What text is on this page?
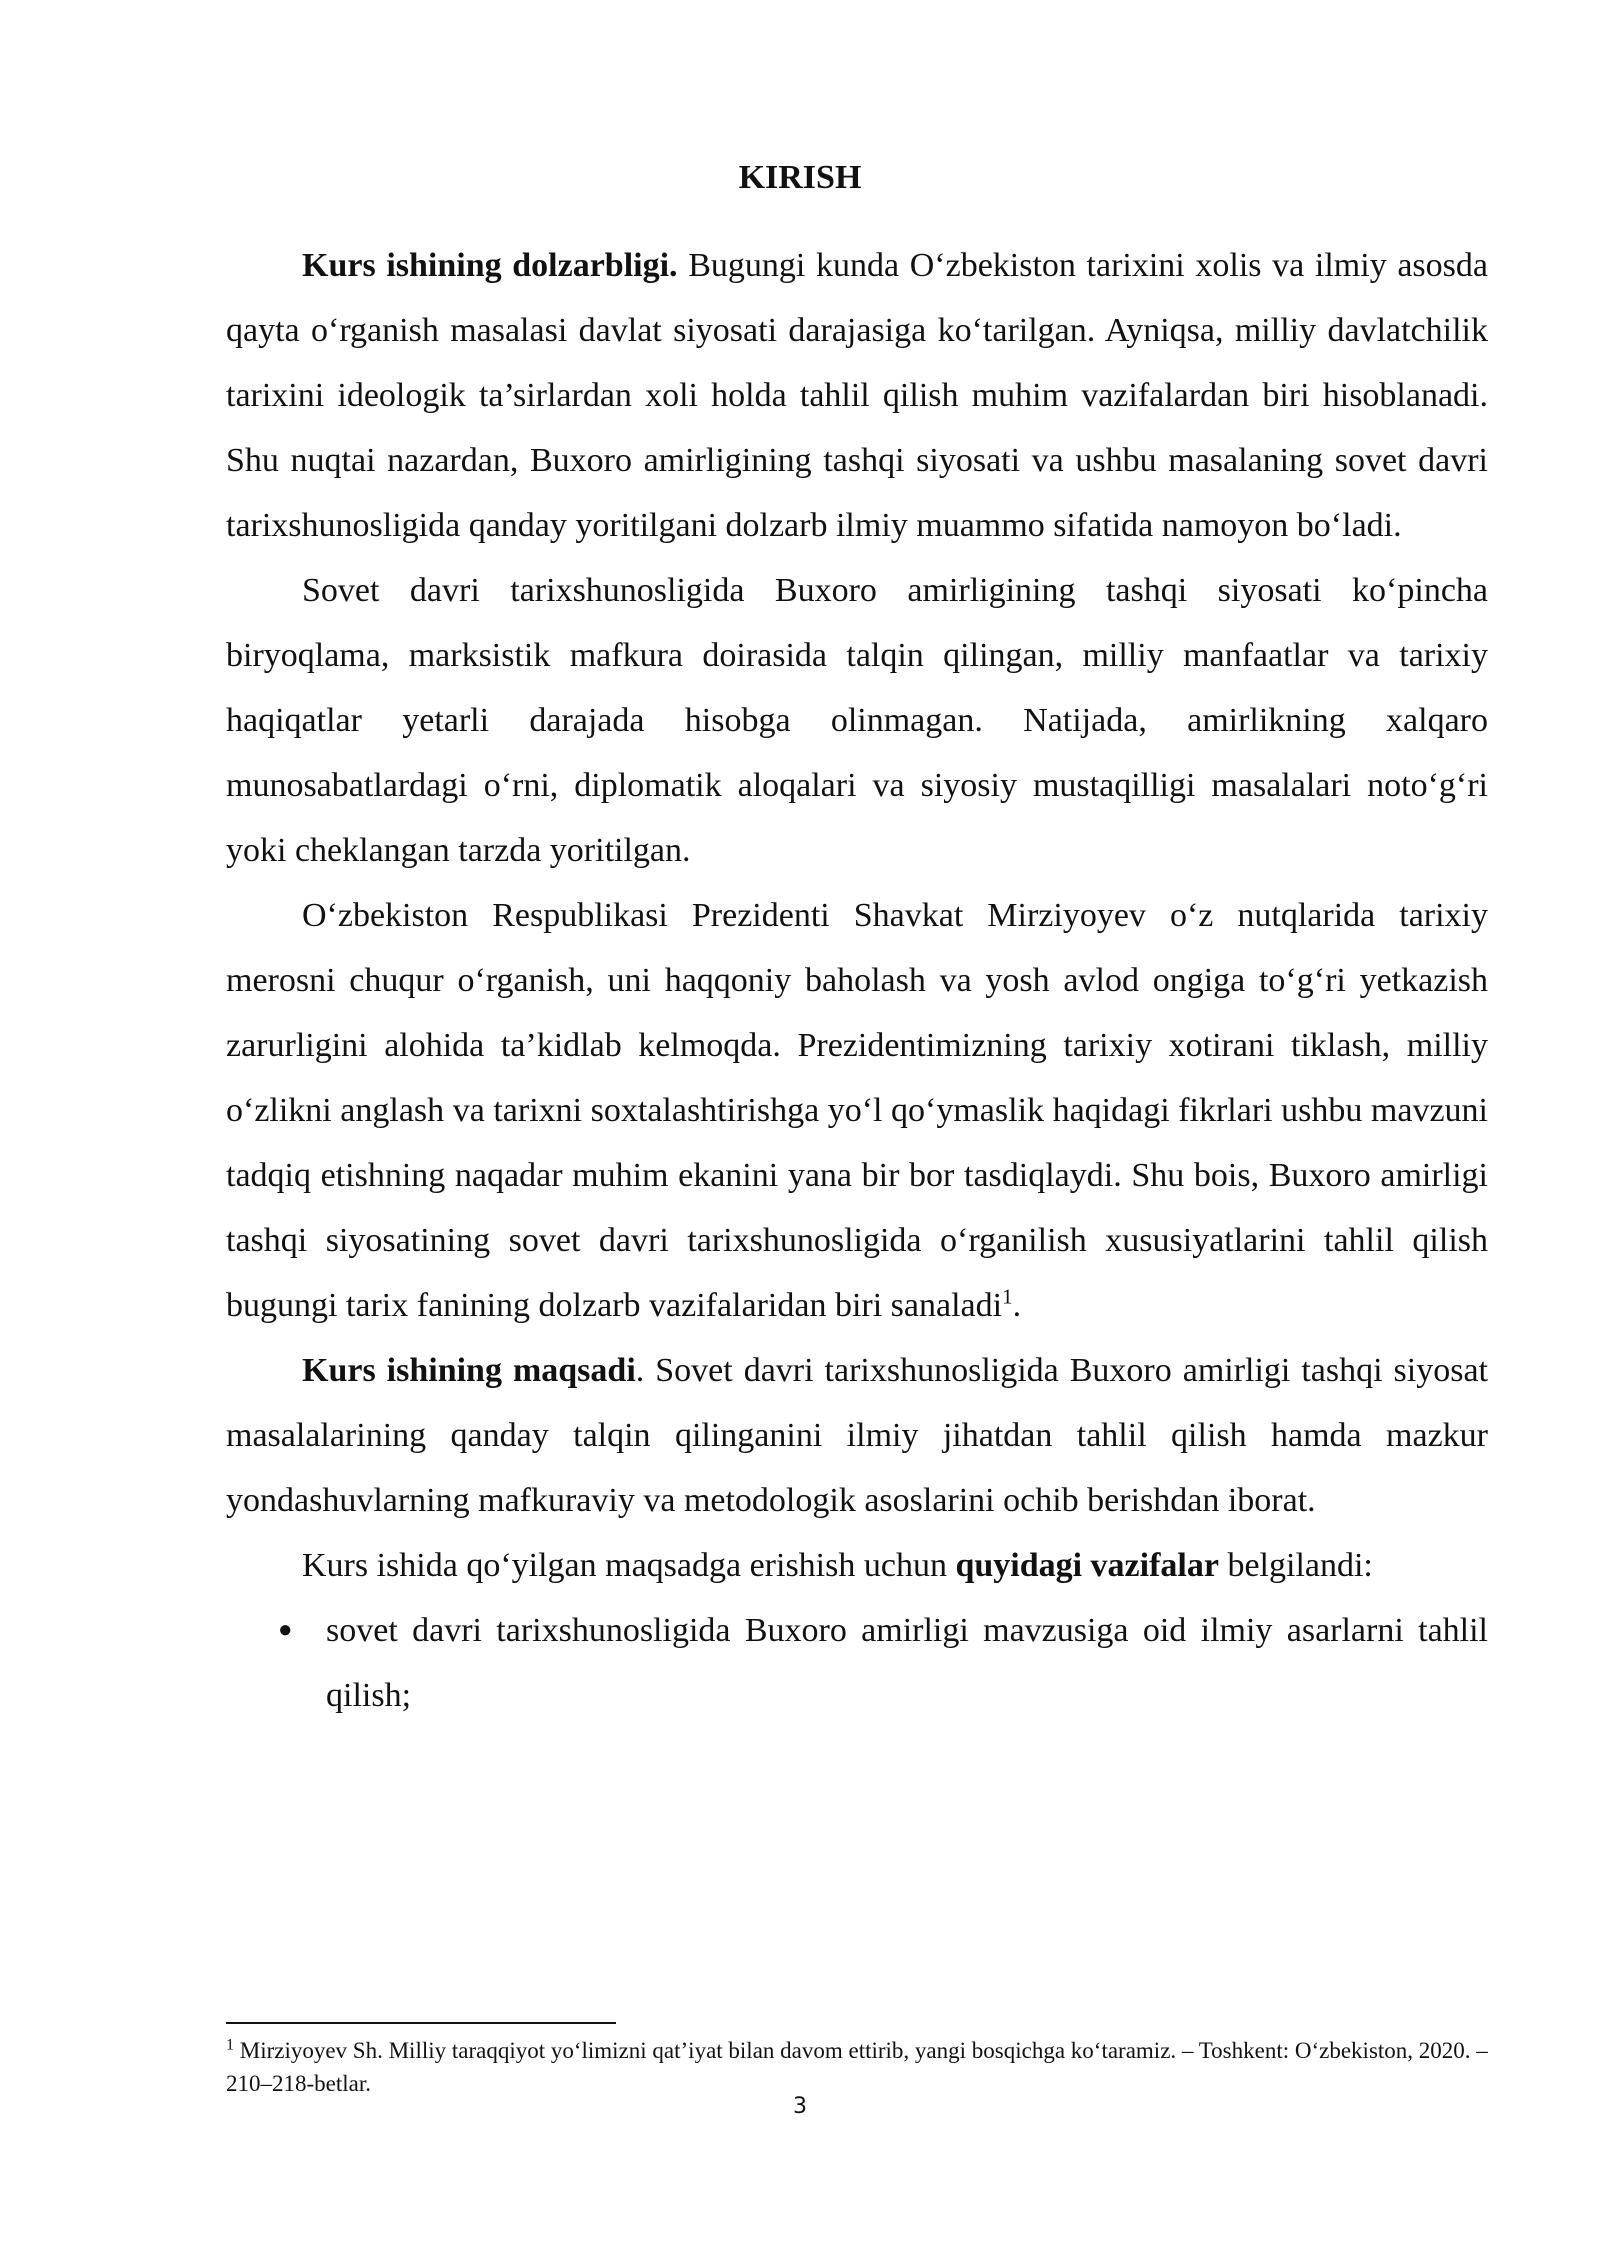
KIRISH

Kurs ishining dolzarbligi. Bugungi kunda O‘zbekiston tarixini xolis va ilmiy asosda qayta o‘rganish masalasi davlat siyosati darajasiga ko‘tarilgan. Ayniqsa, milliy davlatchilik tarixini ideologik ta’sirlardan xoli holda tahlil qilish muhim vazifalardan biri hisoblanadi. Shu nuqtai nazardan, Buxoro amirligining tashqi siyosati va ushbu masalaning sovet davri tarixshunosligida qanday yoritilgani dolzarb ilmiy muammo sifatida namoyon bo‘ladi.

Sovet davri tarixshunosligida Buxoro amirligining tashqi siyosati ko‘pincha biryoqlama, marksistik mafkura doirasida talqin qilingan, milliy manfaatlar va tarixiy haqiqatlar yetarli darajada hisobga olinmagan. Natijada, amirlikning xalqaro munosabatlardagi o‘rni, diplomatik aloqalari va siyosiy mustaqilligi masalalari noto‘g‘ri yoki cheklangan tarzda yoritilgan.

O‘zbekiston Respublikasi Prezidenti Shavkat Mirziyoyev o‘z nutqlarida tarixiy merosni chuqur o‘rganish, uni haqqoniy baholash va yosh avlod ongiga to‘g‘ri yetkazish zarurligini alohida ta’kidlab kelmoqda. Prezidentimizning tarixiy xotirani tiklash, milliy o‘zlikni anglash va tarixni soxtalashtirishga yo‘l qo‘ymaslik haqidagi fikrlari ushbu mavzuni tadqiq etishning naqadar muhim ekanini yana bir bor tasdiqlaydi. Shu bois, Buxoro amirligi tashqi siyosatining sovet davri tarixshunosligida o‘rganilish xususiyatlarini tahlil qilish bugungi tarix fanining dolzarb vazifalaridan biri sanaladi$^1$.

Kurs ishining maqsadi. Sovet davri tarixshunosligida Buxoro amirligi tashqi siyosat masalalarining qanday talqin qilinganini ilmiy jihatdan tahlil qilish hamda mazkur yondashuvlarning mafkuraviy va metodologik asoslarini ochib berishdan iborat.

Kurs ishida qo‘yilgan maqsadga erishish uchun quyidagi vazifalar belgilandi:

● sovet davri tarixshunosligida Buxoro amirligi mavzusiga oid ilmiy asarlarni tahlil qilish;

$^1$ Mirziyoyev Sh. Milliy taraqqiyot yo‘limizni qat’iyat bilan davom ettirib, yangi bosqichga ko‘taramiz. – Toshkent: O‘zbekiston, 2020. – 210–218-betlar.

3
